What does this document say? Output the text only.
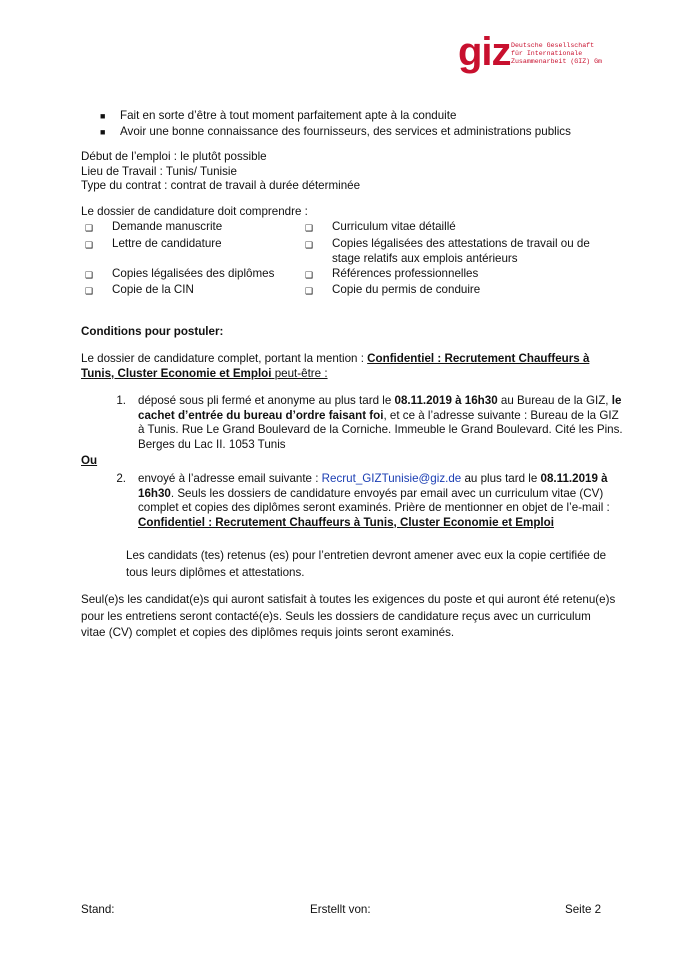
giz Deutsche Gesellschaft
für Internationale
Zusammenarbeit (GIZ) Gm
■	Fait en sorte d’être à tout moment parfaitement apte à la conduite
■	Avoir une bonne connaissance des fournisseurs, des services et administrations publics
Début de l’emploi : le plutôt possible
Lieu de Travail : Tunis/ Tunisie
Type du contrat : contrat de travail à durée déterminée
Le dossier de candidature doit comprendre :
❑	Demande manuscrite	❑	Curriculum vitae détaillé
❑	Lettre de candidature	❑	Copies légalisées des attestations de travail ou de
stage relatifs aux emplois antérieurs
❑	Copies légalisées des diplômes	❑	Références professionnelles
❑	Copie de la CIN	❑	Copie du permis de conduire
Conditions pour postuler:
Le dossier de candidature complet, portant la mention : Confidentiel : Recrutement Chauffeurs à
Tunis, Cluster Economie et Emploi peut-être :
1.	déposé sous pli fermé et anonyme au plus tard le 08.11.2019 à 16h30 au Bureau de la GIZ, le
cachet d’entrée du bureau d’ordre faisant foi, et ce à l’adresse suivante : Bureau de la GIZ
à Tunis. Rue Le Grand Boulevard de la Corniche. Immeuble le Grand Boulevard. Cité les Pins.
Berges du Lac II. 1053 Tunis
Ou
2.	envoyé à l’adresse email suivante : Recrut_GIZTunisie@giz.de au plus tard le 08.11.2019 à
16h30. Seuls les dossiers de candidature envoyés par email avec un curriculum vitae (CV)
complet et copies des diplômes seront examinés. Prière de mentionner en objet de l’e-mail :
Confidentiel : Recrutement Chauffeurs à Tunis, Cluster Economie et Emploi
Les candidats (tes) retenus (es) pour l’entretien devront amener avec eux la copie certifiée de
tous leurs diplômes et attestations.
Seul(e)s les candidat(e)s qui auront satisfait à toutes les exigences du poste et qui auront été retenu(e)s
pour les entretiens seront contacté(e)s. Seuls les dossiers de candidature reçus avec un curriculum
vitae (CV) complet et copies des diplômes requis joints seront examinés.
Stand:	Erstellt von:	Seite 2
